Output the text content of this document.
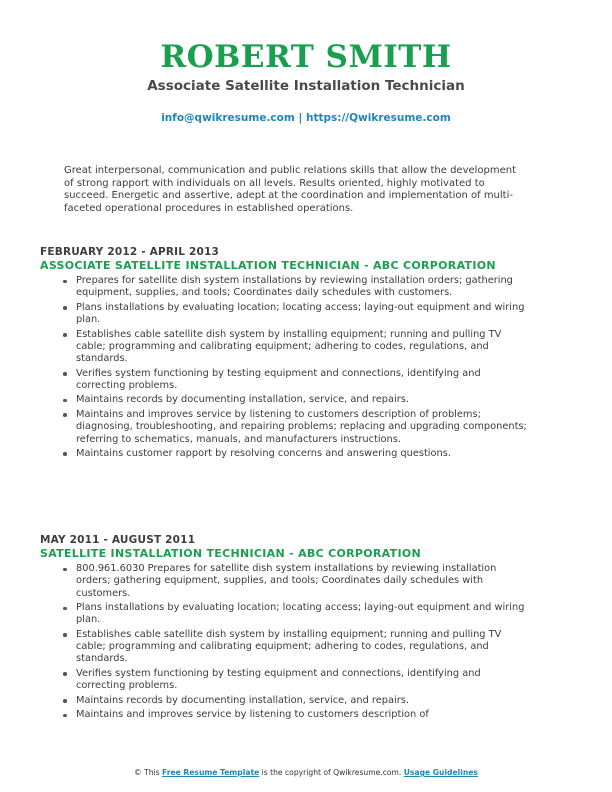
ROBERT SMITH
Associate Satellite Installation Technician
info@qwikresume.com | https://Qwikresume.com

Great interpersonal, communication and public relations skills that allow the development of strong rapport with individuals on all levels. Results oriented, highly motivated to succeed. Energetic and assertive, adept at the coordination and implementation of multi-faceted operational procedures in established operations.

FEBRUARY 2012 - APRIL 2013
ASSOCIATE SATELLITE INSTALLATION TECHNICIAN - ABC CORPORATION
Prepares for satellite dish system installations by reviewing installation orders; gathering equipment, supplies, and tools; Coordinates daily schedules with customers.
Plans installations by evaluating location; locating access; laying-out equipment and wiring plan.
Establishes cable satellite dish system by installing equipment; running and pulling TV cable; programming and calibrating equipment; adhering to codes, regulations, and standards.
Verifies system functioning by testing equipment and connections, identifying and correcting problems.
Maintains records by documenting installation, service, and repairs.
Maintains and improves service by listening to customers description of problems; diagnosing, troubleshooting, and repairing problems; replacing and upgrading components; referring to schematics, manuals, and manufacturers instructions.
Maintains customer rapport by resolving concerns and answering questions.
MAY 2011 - AUGUST 2011
SATELLITE INSTALLATION TECHNICIAN - ABC CORPORATION
800.961.6030 Prepares for satellite dish system installations by reviewing installation orders; gathering equipment, supplies, and tools; Coordinates daily schedules with customers.
Plans installations by evaluating location; locating access; laying-out equipment and wiring plan.
Establishes cable satellite dish system by installing equipment; running and pulling TV cable; programming and calibrating equipment; adhering to codes, regulations, and standards.
Verifies system functioning by testing equipment and connections, identifying and correcting problems.
Maintains records by documenting installation, service, and repairs.
Maintains and improves service by listening to customers description of
© This Free Resume Template is the copyright of Qwikresume.com. Usage Guidelines
